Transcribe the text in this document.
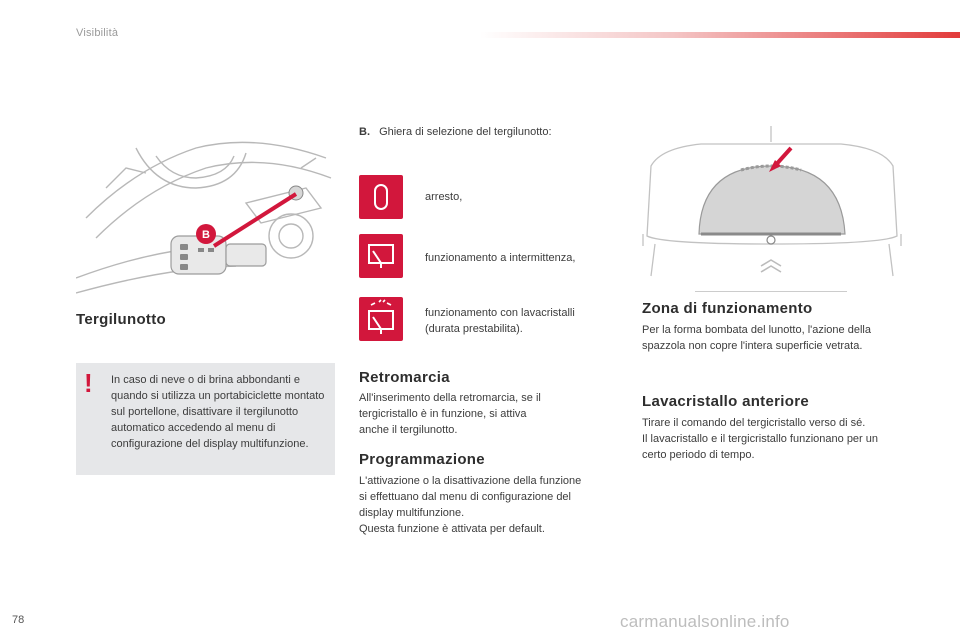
Visibilità
B
Tergilunotto
! In caso di neve o di brina abbondanti e quando si utilizza un portabiciclette montato sul portellone, disattivare il tergilunotto automatico accedendo al menu di configurazione del display multifunzione.
B. Ghiera di selezione del tergilunotto:
arresto,
funzionamento a intermittenza,
funzionamento con lavacristalli
(durata prestabilita).
Retromarcia
All'inserimento della retromarcia, se il
tergicristallo è in funzione, si attiva
anche il tergilunotto.
Programmazione
L'attivazione o la disattivazione della funzione
si effettuano dal menu di configurazione del
display multifunzione.
Questa funzione è attivata per default.
Zona di funzionamento
Per la forma bombata del lunotto, l'azione della
spazzola non copre l'intera superficie vetrata.
Lavacristallo anteriore
Tirare il comando del tergicristallo verso di sé.
Il lavacristallo e il tergicristallo funzionano per un
certo periodo di tempo.
78	carmanualsonline.info
